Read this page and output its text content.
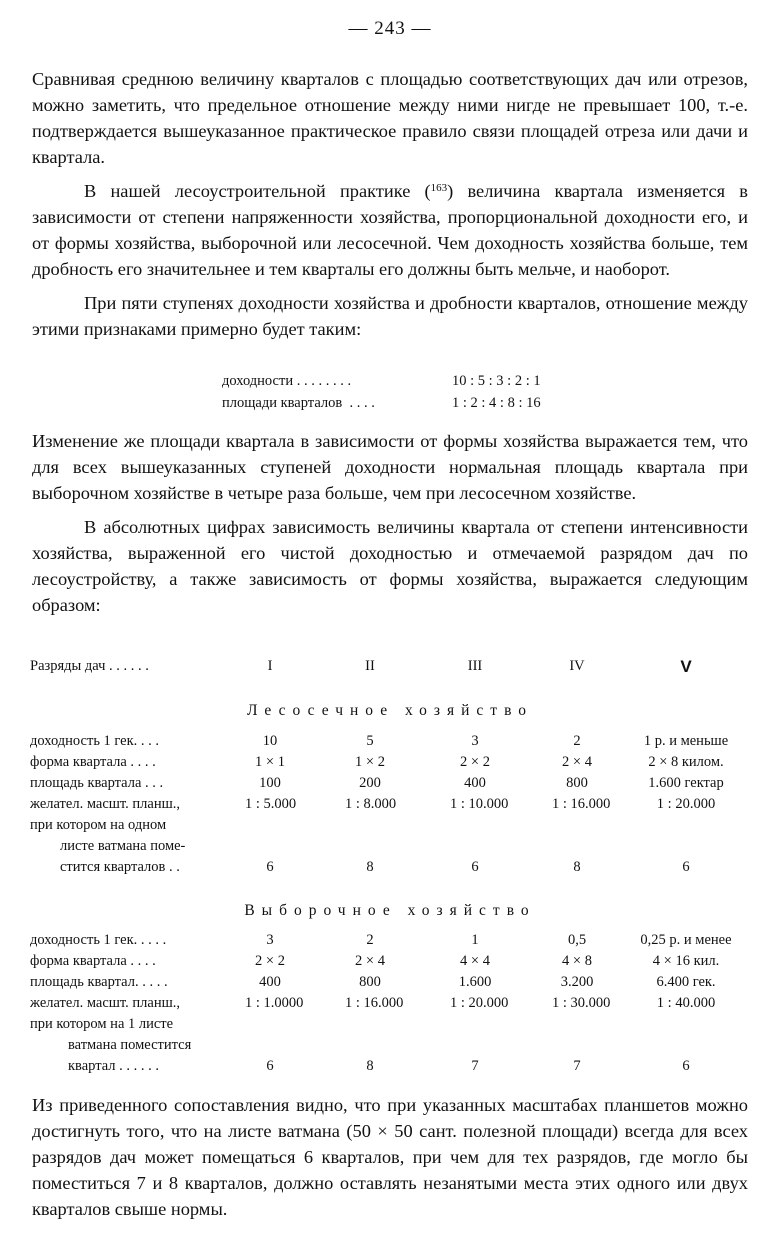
— 243 —

Сравнивая среднюю величину кварталов с площадью соответствующих дач или отрезов, можно заметить, что предельное отношение между ними нигде не превышает 100, т.-е. подтверждается вышеуказанное практическое правило связи площадей отреза или дачи и квартала.

В нашей лесоустроительной практике ($^{163}$) величина квартала изменяется в зависимости от степени напряженности хозяйства, пропорциональной доходности его, и от формы хозяйства, выборочной или лесосечной. Чем доходность хозяйства больше, тем дробность его значительнее и тем кварталы его должны быть мельче, и наоборот.

При пяти ступенях доходности хозяйства и дробности кварталов, отношение между этими признаками примерно будет таким:

доходности . . . . . . . .	10 : 5 : 3 : 2 : 1
площади кварталов  . . . .	1 : 2 : 4 : 8 : 16

Изменение же площади квартала в зависимости от формы хозяйства выражается тем, что для всех вышеуказанных ступеней доходности нормальная площадь квартала при выборочном хозяйстве в четыре раза больше, чем при лесосечном хозяйстве.

В абсолютных цифрах зависимость величины квартала от степени интенсивности хозяйства, выраженной его чистой доходностью и отмечаемой разрядом дач по лесоустройству, а также зависимость от формы хозяйства, выражается следующим образом:

Разряды дач . . . . . .	I	II	III	IV	V
Лесосечное хозяйство
доходность 1 гек. . . .	10	5	3	2	1 р. и меньше
форма квартала . . . .	1 × 1	1 × 2	2 × 2	2 × 4	2 × 8 килом.
площадь квартала . . .	100	200	400	800	1.600 гектар
желател. масшт. планш.,	1 : 5.000	1 : 8.000	1 : 10.000	1 : 16.000	1 : 20.000
при котором на одном
листе ватмана поме-
стится кварталов . .	6	8	6	8	6
Выборочное хозяйство
доходность 1 гек. . . . .	3	2	1	0,5	0,25 р. и менее
форма квартала . . . .	2 × 2	2 × 4	4 × 4	4 × 8	4 × 16 кил.
площадь квартал. . . . .	400	800	1.600	3.200	6.400 гек.
желател. масшт. планш.,	1 : 1.0000	1 : 16.000	1 : 20.000	1 : 30.000	1 : 40.000
при котором на 1 листе
ватмана поместится
квартал . . . . . .	6	8	7	7	6

Из приведенного сопоставления видно, что при указанных масштабах планшетов можно достигнуть того, что на листе ватмана (50 × 50 сант. полезной площади) всегда для всех разрядов дач может помещаться 6 кварталов, при чем для тех разрядов, где могло бы поместиться 7 и 8 кварталов, должно оставлять незанятыми места этих одного или двух кварталов свыше нормы.
